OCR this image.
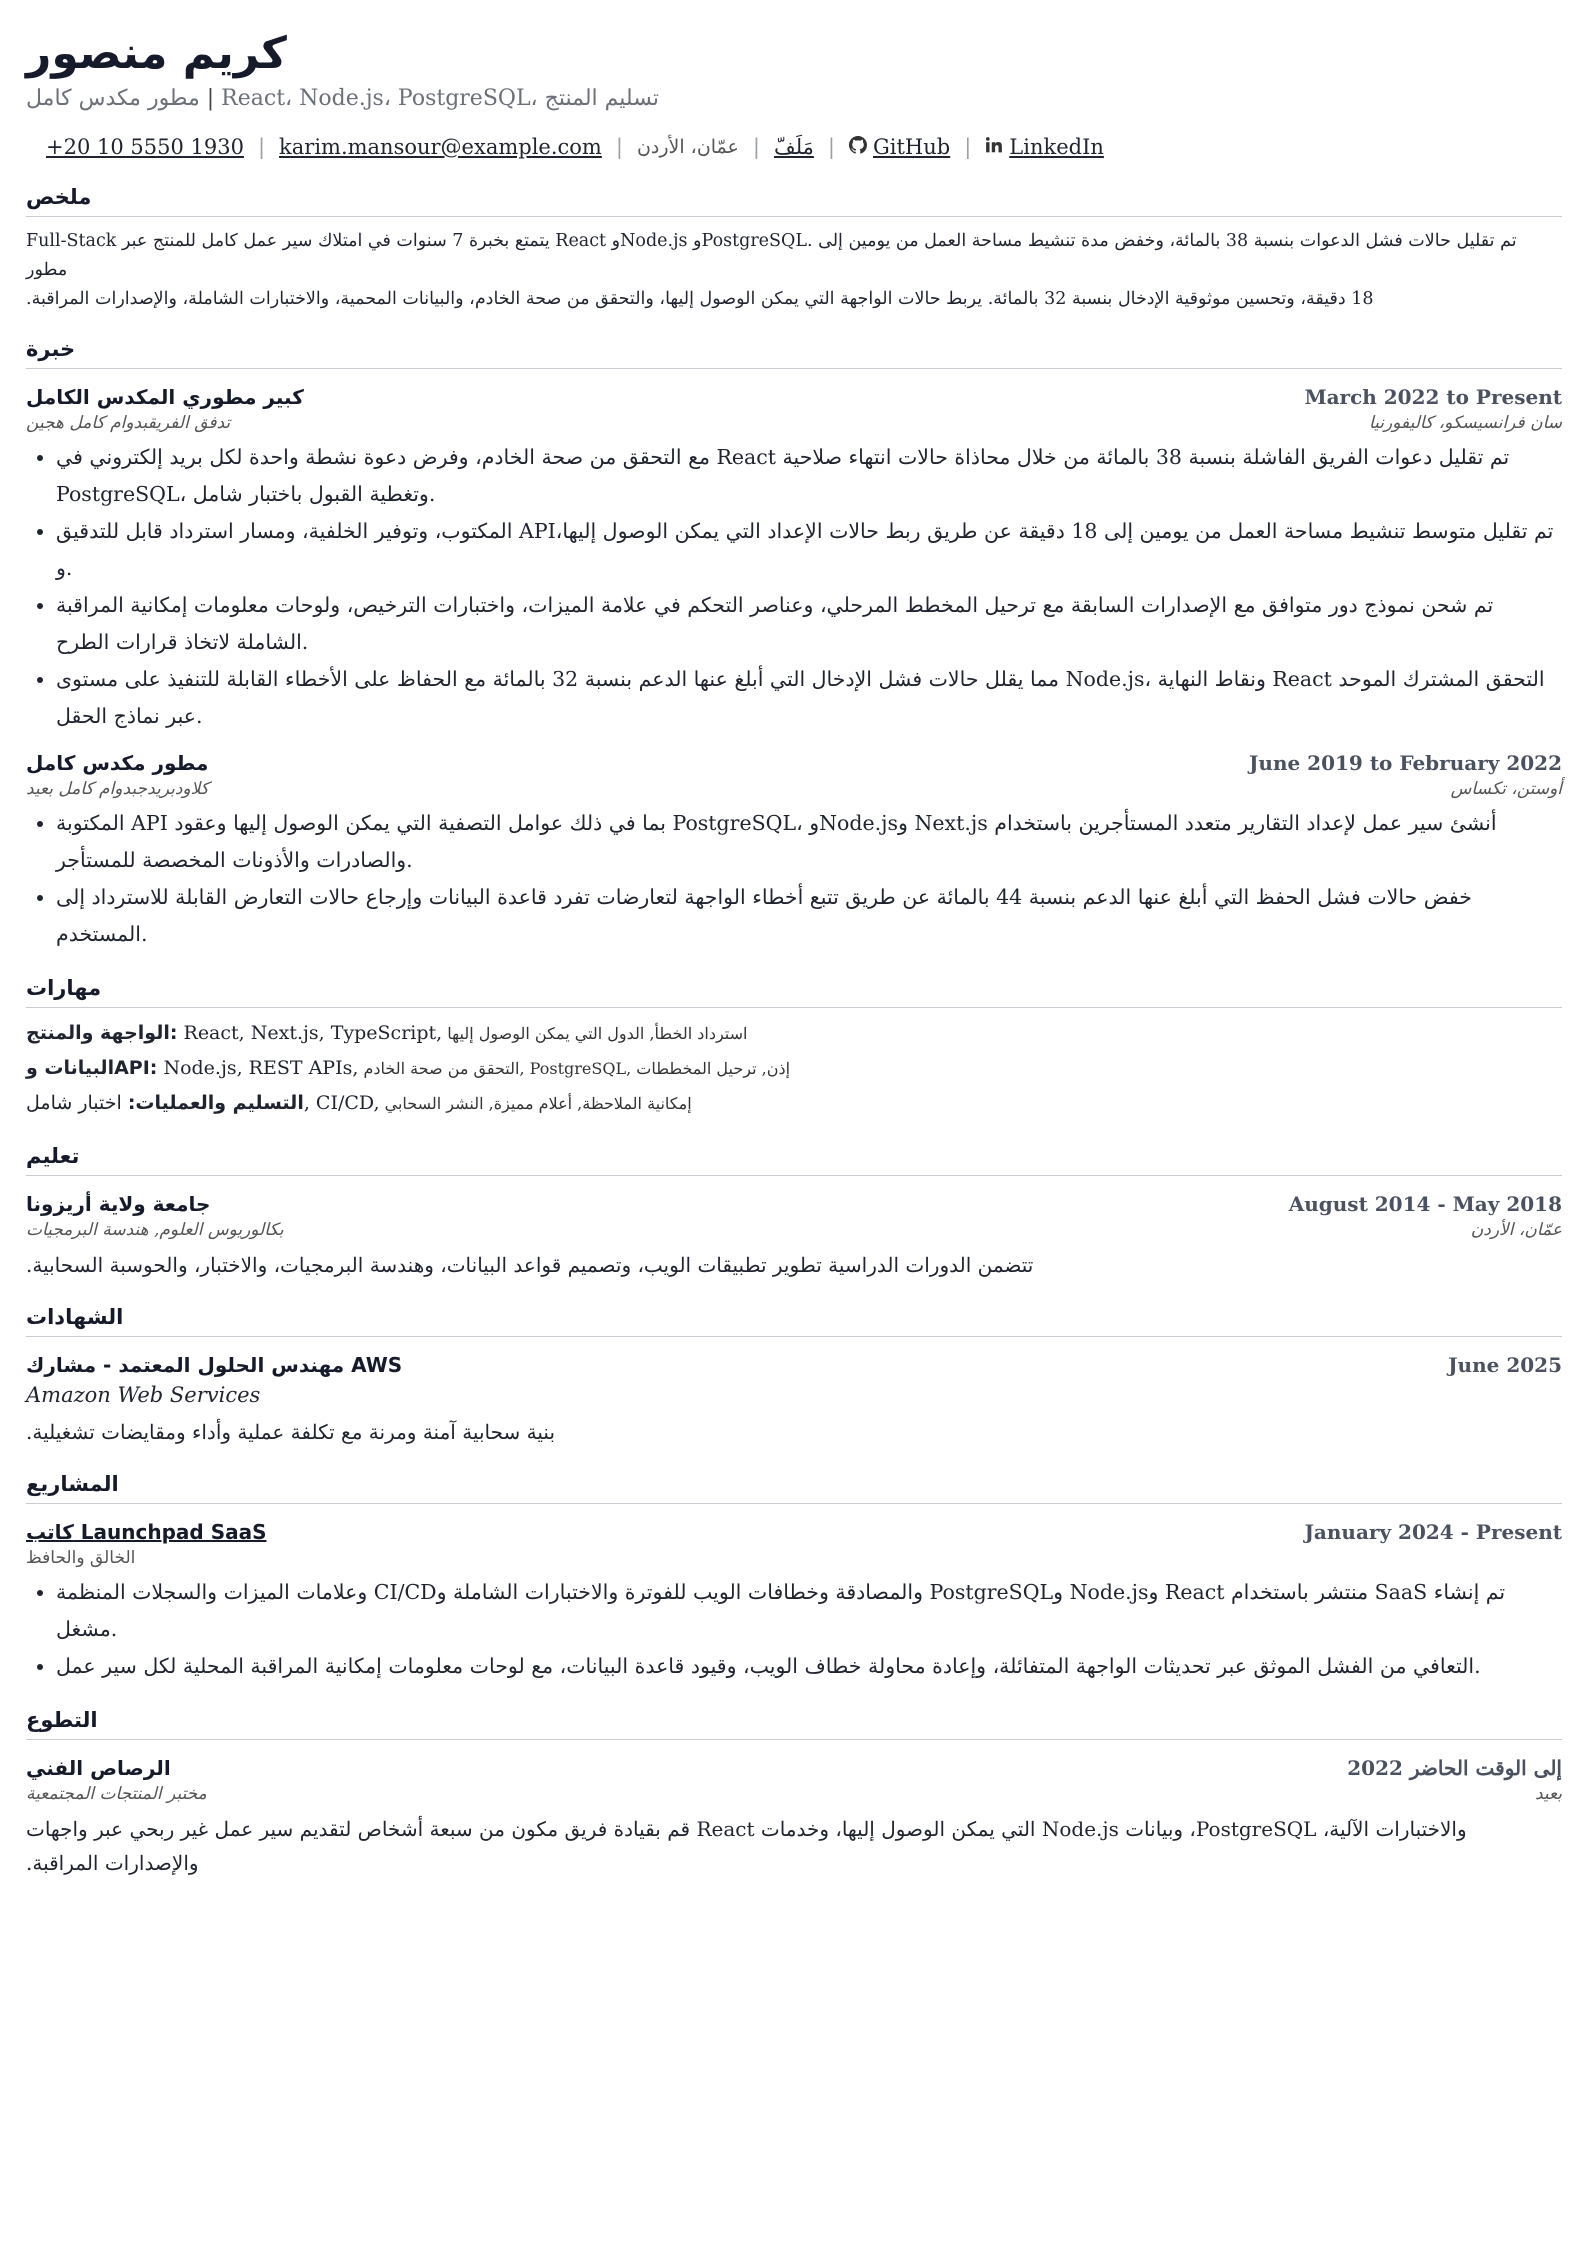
كريم منصور
مطور مكدس كامل | React، Node.js، PostgreSQL، تسليم المنتج
+20 10 5550 1930 | karim.mansour@example.com | عمّان، الأردن | مَلَفّ | GitHub | LinkedIn
ملخص
تم تقليل حالات فشل الدعوات بنسبة 38 بالمائة، وخفض مدة تنشيط مساحة العمل من يومين إلى .PostgreSQLو Node.jsو React يتمتع بخبرة 7 سنوات في امتلاك سير عمل كامل للمنتج عبر Full-Stack مطور
18 دقيقة، وتحسين موثوقية الإدخال بنسبة 32 بالمائة. يربط حالات الواجهة التي يمكن الوصول إليها، والتحقق من صحة الخادم، والبيانات المحمية، والاختبارات الشاملة، والإصدارات المراقبة.
خبرة
كبير مطوري المكدس الكامل	March 2022 to Present
تدفق الفريقبدوام كامل هجين	سان فرانسيسكو، كاليفورنيا
• مع التحقق من صحة الخادم، وفرض دعوة نشطة واحدة لكل بريد إلكتروني في React تم تقليل دعوات الفريق الفاشلة بنسبة 38 بالمائة من خلال محاذاة حالات انتهاء صلاحية PostgreSQL، وتغطية القبول باختبار شامل.
• المكتوب، وتوفير الخلفية، ومسار استرداد قابل للتدقيق APIتم تقليل متوسط تنشيط مساحة العمل من يومين إلى 18 دقيقة عن طريق ربط حالات الإعداد التي يمكن الوصول إليها، و.
• تم شحن نموذج دور متوافق مع الإصدارات السابقة مع ترحيل المخطط المرحلي، وعناصر التحكم في علامة الميزات، واختبارات الترخيص، ولوحات معلومات إمكانية المراقبة الشاملة لاتخاذ قرارات الطرح.
• مما يقلل حالات فشل الإدخال التي أبلغ عنها الدعم بنسبة 32 بالمائة مع الحفاظ على الأخطاء القابلة للتنفيذ على مستوى Node.js، ونقاط النهاية React التحقق المشترك الموحد عبر نماذج الحقل.
مطور مكدس كامل	June 2019 to February 2022
كلاودبريدجبدوام كامل بعيد	أوستن، تكساس
• المكتوبة API بما في ذلك عوامل التصفية التي يمكن الوصول إليها وعقود PostgreSQL، وNode.jsو Next.js أنشئ سير عمل لإعداد التقارير متعدد المستأجرين باستخدام والصادرات والأذونات المخصصة للمستأجر.
• خفض حالات فشل الحفظ التي أبلغ عنها الدعم بنسبة 44 بالمائة عن طريق تتبع أخطاء الواجهة لتعارضات تفرد قاعدة البيانات وإرجاع حالات التعارض القابلة للاسترداد إلى المستخدم.
مهارات
الواجهة والمنتج: React, Next.js, TypeScript, استرداد الخطأ, الدول التي يمكن الوصول إليها
البيانات وAPI: Node.js, REST APIs, التحقق من صحة الخادم, PostgreSQL, إذن, ترحيل المخططات
التسليم والعمليات: اختبار شامل, CI/CD, إمكانية الملاحظة, أعلام مميزة, النشر السحابي
تعليم
جامعة ولاية أريزونا	August 2014 - May 2018
بكالوريوس العلوم, هندسة البرمجيات	عمّان، الأردن
تتضمن الدورات الدراسية تطوير تطبيقات الويب، وتصميم قواعد البيانات، وهندسة البرمجيات، والاختبار، والحوسبة السحابية.
الشهادات
مهندس الحلول المعتمد - مشارك AWS	June 2025
Amazon Web Services
بنية سحابية آمنة ومرنة مع تكلفة عملية وأداء ومقايضات تشغيلية.
المشاريع
كاتب Launchpad SaaS	January 2024 - Present
الخالق والحافظ
• وعلامات الميزات والسجلات المنظمة CI/CDوالمصادقة وخطافات الويب للفوترة والاختبارات الشاملة و PostgreSQLو Node.jsو React منتشر باستخدام SaaS تم إنشاء مشغل.
• التعافي من الفشل الموثق عبر تحديثات الواجهة المتفائلة، وإعادة محاولة خطاف الويب، وقيود قاعدة البيانات، مع لوحات معلومات إمكانية المراقبة المحلية لكل سير عمل.
التطوع
الرصاص الفني	2022 إلى الوقت الحاضر
مختبر المنتجات المجتمعية	بعيد
والاختبارات الآلية، PostgreSQL، وبيانات Node.js التي يمكن الوصول إليها، وخدمات React قم بقيادة فريق مكون من سبعة أشخاص لتقديم سير عمل غير ربحي عبر واجهات
والإصدارات المراقبة.
